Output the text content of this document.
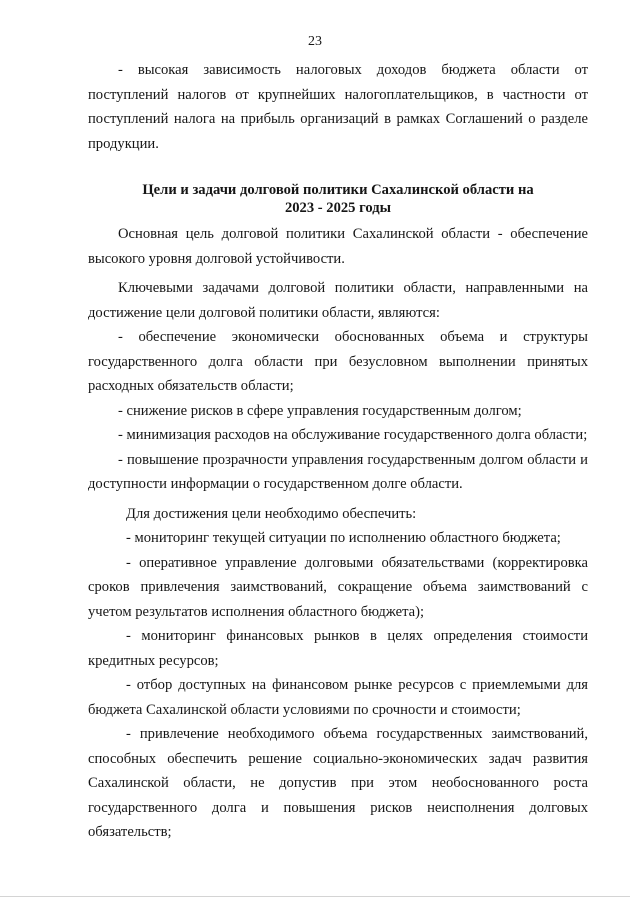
23

- высокая зависимость налоговых доходов бюджета области от поступлений налогов от крупнейших налогоплательщиков, в частности от поступлений налога на прибыль организаций в рамках Соглашений о разделе продукции.

Цели и задачи долговой политики Сахалинской области на
2023 - 2025 годы

Основная цель долговой политики Сахалинской области - обеспечение высокого уровня долговой устойчивости.

Ключевыми задачами долговой политики области, направленными на достижение цели долговой политики области, являются:

- обеспечение экономически обоснованных объема и структуры государственного долга области при безусловном выполнении принятых расходных обязательств области;

- снижение рисков в сфере управления государственным долгом;

- минимизация расходов на обслуживание государственного долга области;

- повышение прозрачности управления государственным долгом области и доступности информации о государственном долге области.

Для достижения цели необходимо обеспечить:

- мониторинг текущей ситуации по исполнению областного бюджета;

- оперативное управление долговыми обязательствами (корректировка сроков привлечения заимствований, сокращение объема заимствований с учетом результатов исполнения областного бюджета);

- мониторинг финансовых рынков в целях определения стоимости кредитных ресурсов;

- отбор доступных на финансовом рынке ресурсов с приемлемыми для бюджета Сахалинской области условиями по срочности и стоимости;

- привлечение необходимого объема государственных заимствований, способных обеспечить решение социально-экономических задач развития Сахалинской области, не допустив при этом необоснованного роста государственного долга и повышения рисков неисполнения долговых обязательств;
